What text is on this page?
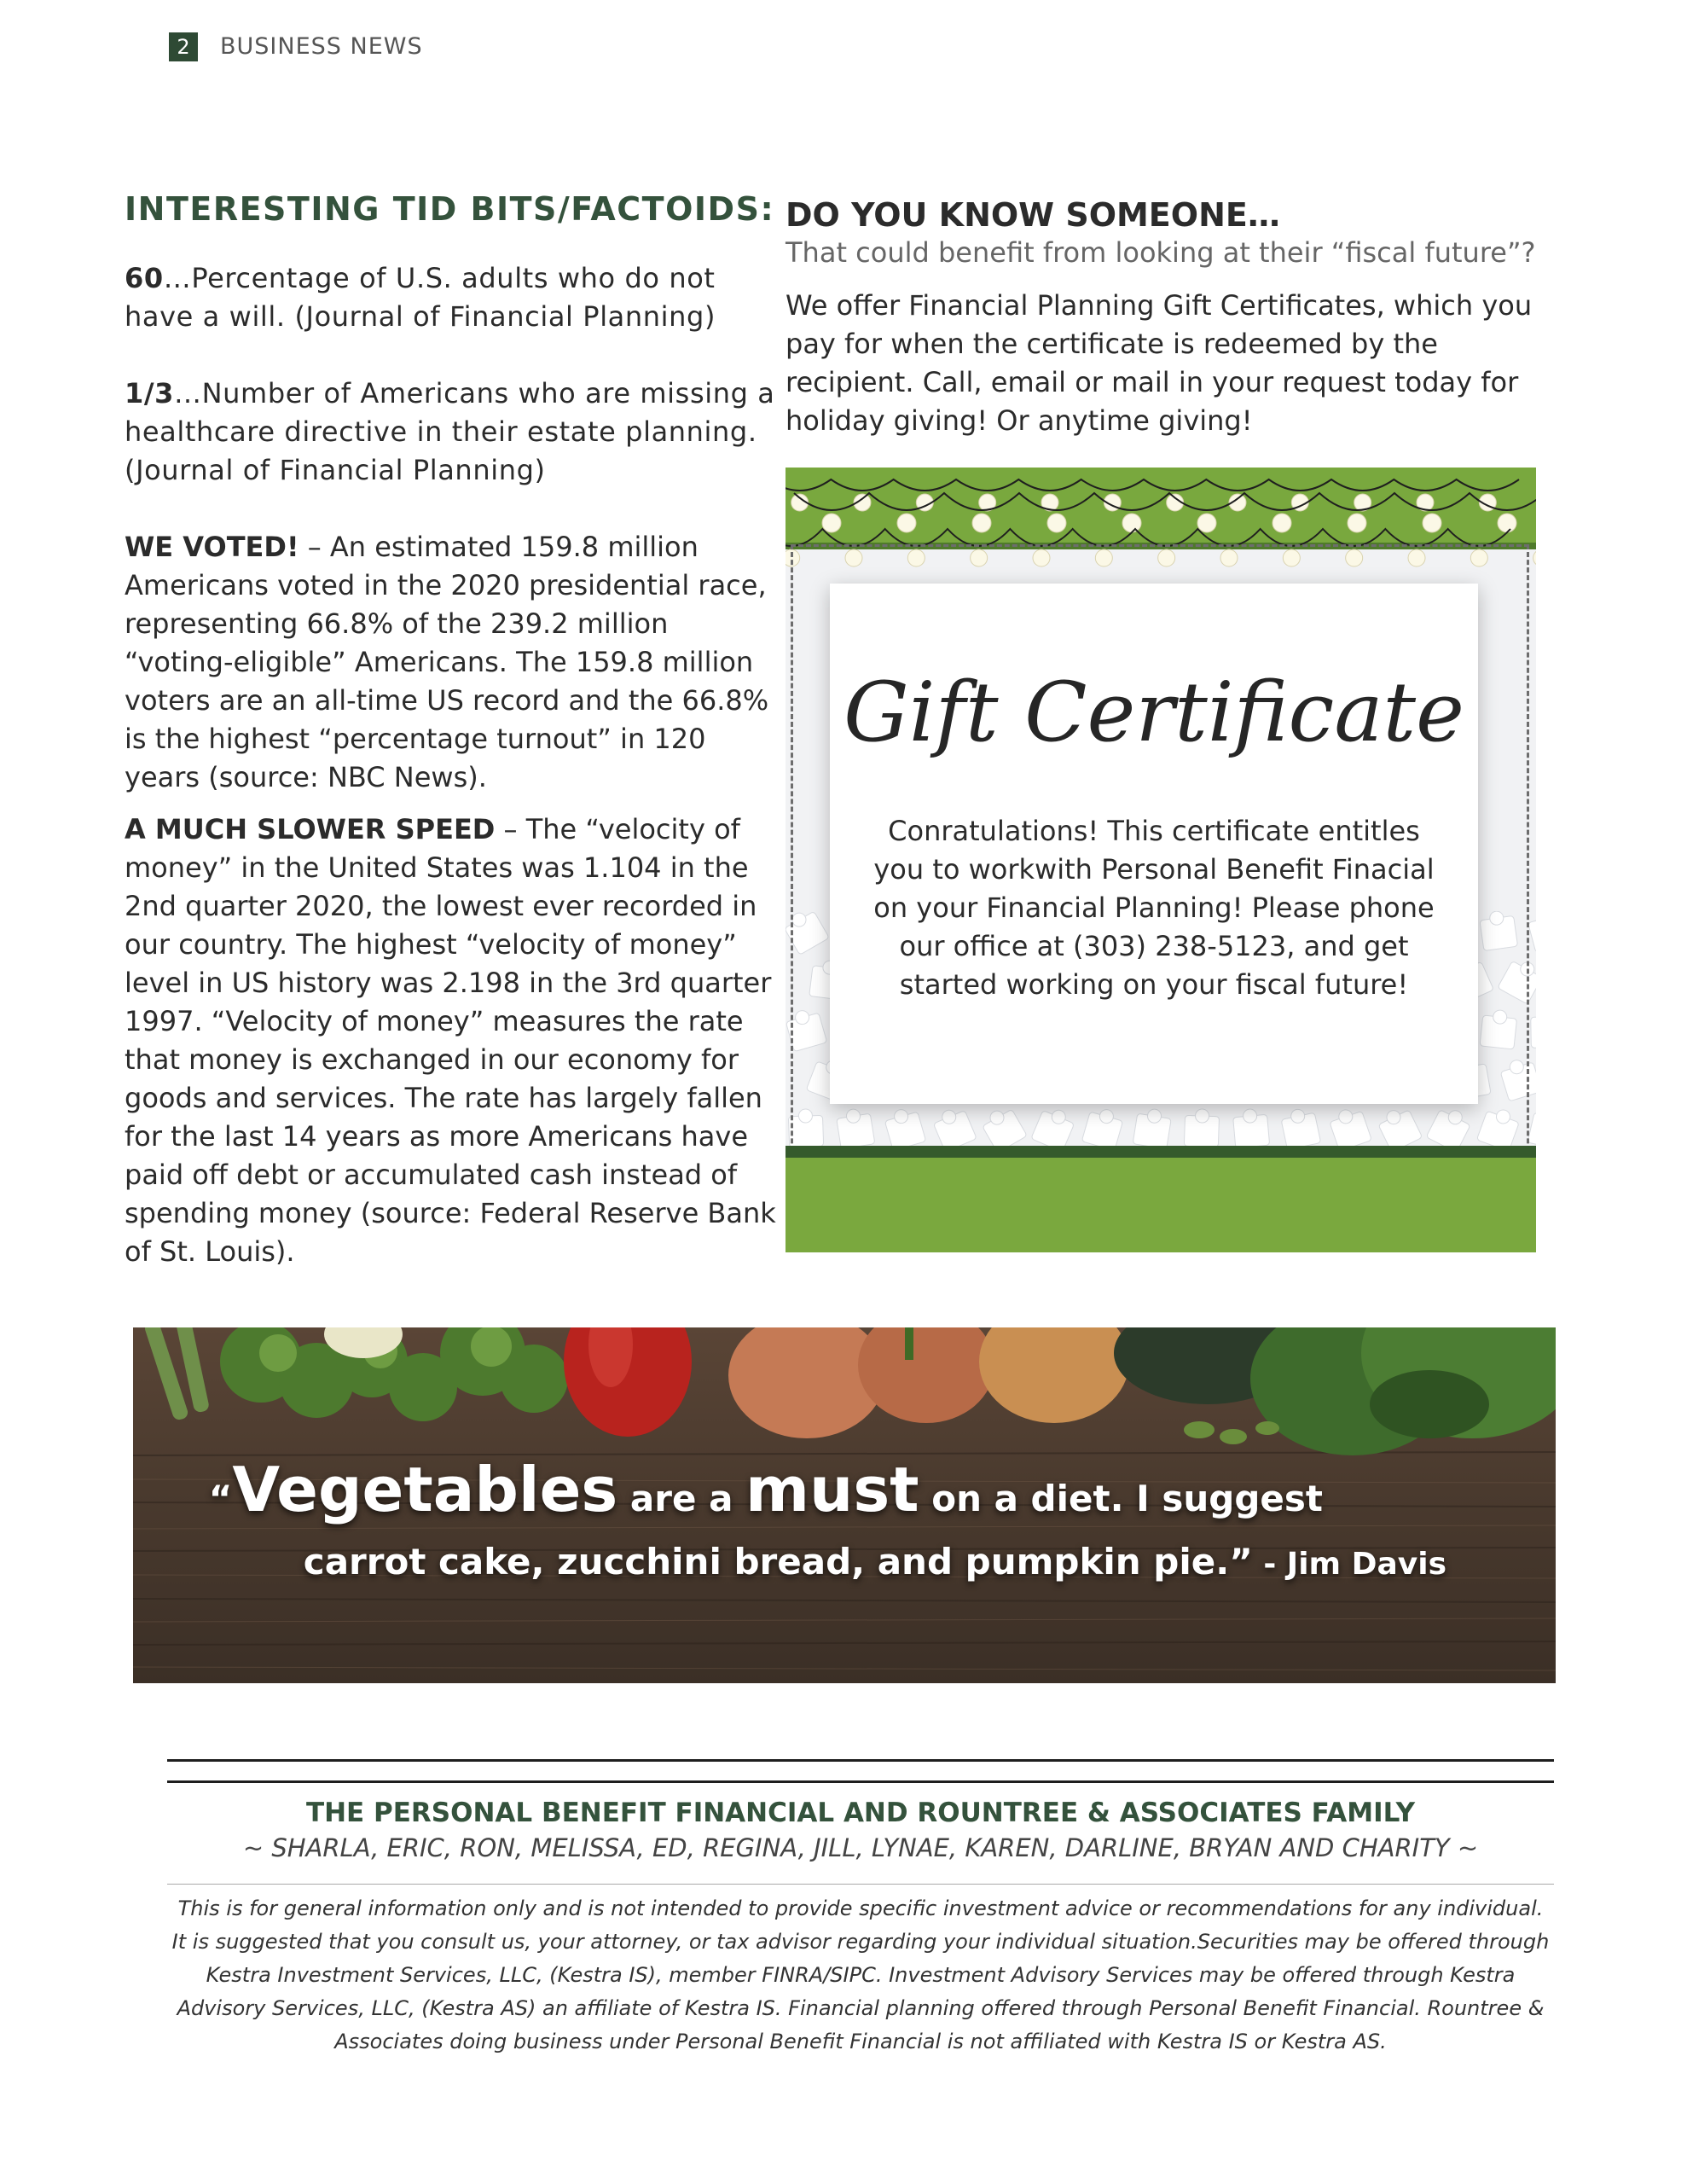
2	BUSINESS NEWS
INTERESTING TID BITS/FACTOIDS:

60…Percentage of U.S. adults who do not have a will. (Journal of Financial Planning)

1/3…Number of Americans who are missing a healthcare directive in their estate planning. (Journal of Financial Planning)

WE VOTED! – An estimated 159.8 million Americans voted in the 2020 presidential race, representing 66.8% of the 239.2 million “voting-eligible” Americans. The 159.8 million voters are an all-time US record and the 66.8% is the highest “percentage turnout” in 120 years (source: NBC News).

A MUCH SLOWER SPEED – The “velocity of money” in the United States was 1.104 in the 2nd quarter 2020, the lowest ever recorded in our country. The highest “velocity of money” level in US history was 2.198 in the 3rd quarter 1997. “Velocity of money” measures the rate that money is exchanged in our economy for goods and services. The rate has largely fallen for the last 14 years as more Americans have paid off debt or accumulated cash instead of spending money (source: Federal Reserve Bank of St. Louis).

DO YOU KNOW SOMEONE…

That could benefit from looking at their “fiscal future”?

We offer Financial Planning Gift Certificates, which you pay for when the certificate is redeemed by the recipient. Call, email or mail in your request today for holiday giving! Or anytime giving!

Gift Certificate
Conratulations! This certificate entitles you to workwith Personal Benefit Finacial on your Financial Planning! Please phone our office at (303) 238-5123, and get started working on your fiscal future!
“Vegetables are a must on a diet. I suggest
carrot cake, zucchini bread, and pumpkin pie.” - Jim Davis
THE PERSONAL BENEFIT FINANCIAL AND ROUNTREE & ASSOCIATES FAMILY
~ SHARLA, ERIC, RON, MELISSA, ED, REGINA, JILL, LYNAE, KAREN, DARLINE, BRYAN AND CHARITY ~
This is for general information only and is not intended to provide specific investment advice or recommendations for any individual. It is suggested that you consult us, your attorney, or tax advisor regarding your individual situation.Securities may be offered through Kestra Investment Services, LLC, (Kestra IS), member FINRA/SIPC. Investment Advisory Services may be offered through Kestra Advisory Services, LLC, (Kestra AS) an affiliate of Kestra IS. Financial planning offered through Personal Benefit Financial. Rountree & Associates doing business under Personal Benefit Financial is not affiliated with Kestra IS or Kestra AS.
